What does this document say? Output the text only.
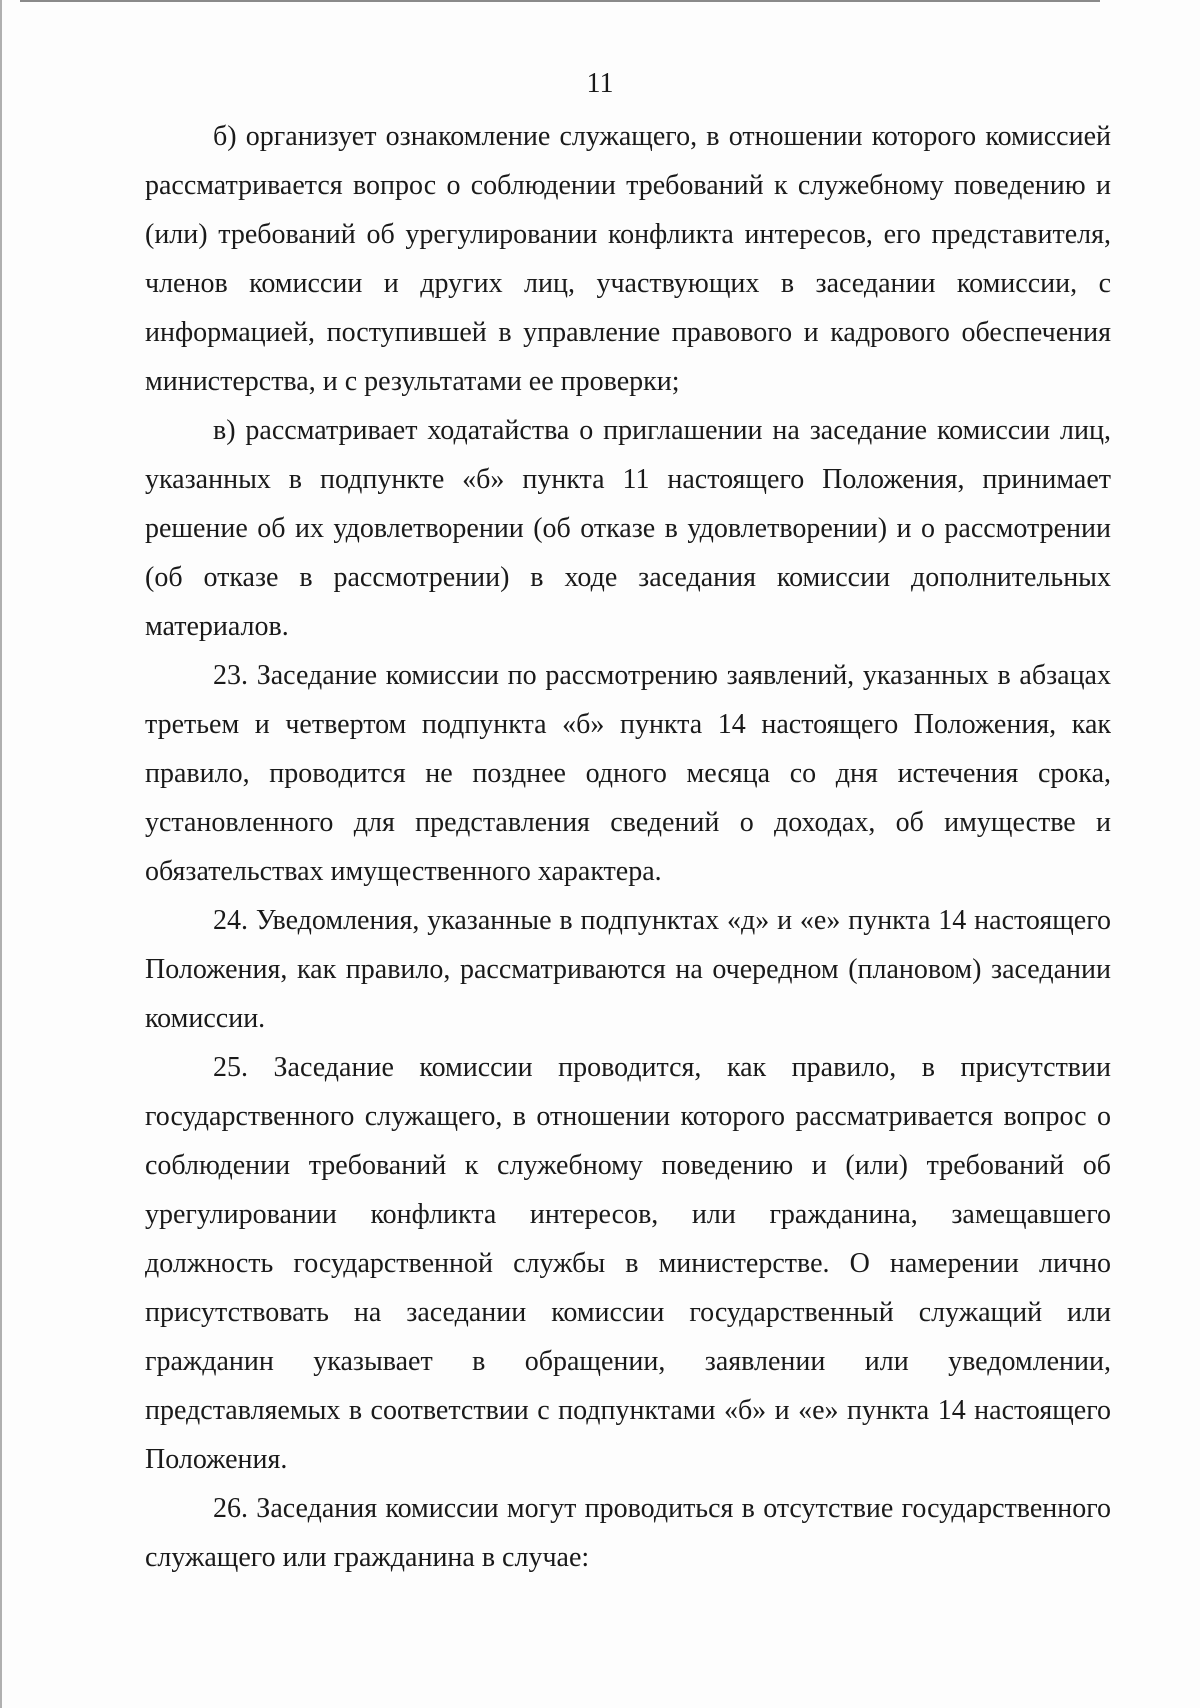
11

б) организует ознакомление служащего, в отношении которого комиссией рассматривается вопрос о соблюдении требований к служебному поведению и (или) требований об урегулировании конфликта интересов, его представителя, членов комиссии и других лиц, участвующих в заседании комиссии, с информацией, поступившей в управление правового и кадрового обеспечения министерства, и с результатами ее проверки;

в) рассматривает ходатайства о приглашении на заседание комиссии лиц, указанных в подпункте «б» пункта 11 настоящего Положения, принимает решение об их удовлетворении (об отказе в удовлетворении) и о рассмотрении (об отказе в рассмотрении) в ходе заседания комиссии дополнительных материалов.

23. Заседание комиссии по рассмотрению заявлений, указанных в абзацах третьем и четвертом подпункта «б» пункта 14 настоящего Положения, как правило, проводится не позднее одного месяца со дня истечения срока, установленного для представления сведений о доходах, об имуществе и обязательствах имущественного характера.

24. Уведомления, указанные в подпунктах «д» и «е» пункта 14 настоящего Положения, как правило, рассматриваются на очередном (плановом) заседании комиссии.

25. Заседание комиссии проводится, как правило, в присутствии государственного служащего, в отношении которого рассматривается вопрос о соблюдении требований к служебному поведению и (или) требований об урегулировании конфликта интересов, или гражданина, замещавшего должность государственной службы в министерстве. О намерении лично присутствовать на заседании комиссии государственный служащий или гражданин указывает в обращении, заявлении или уведомлении, представляемых в соответствии с подпунктами «б» и «е» пункта 14 настоящего Положения.

26. Заседания комиссии могут проводиться в отсутствие государственного служащего или гражданина в случае:
